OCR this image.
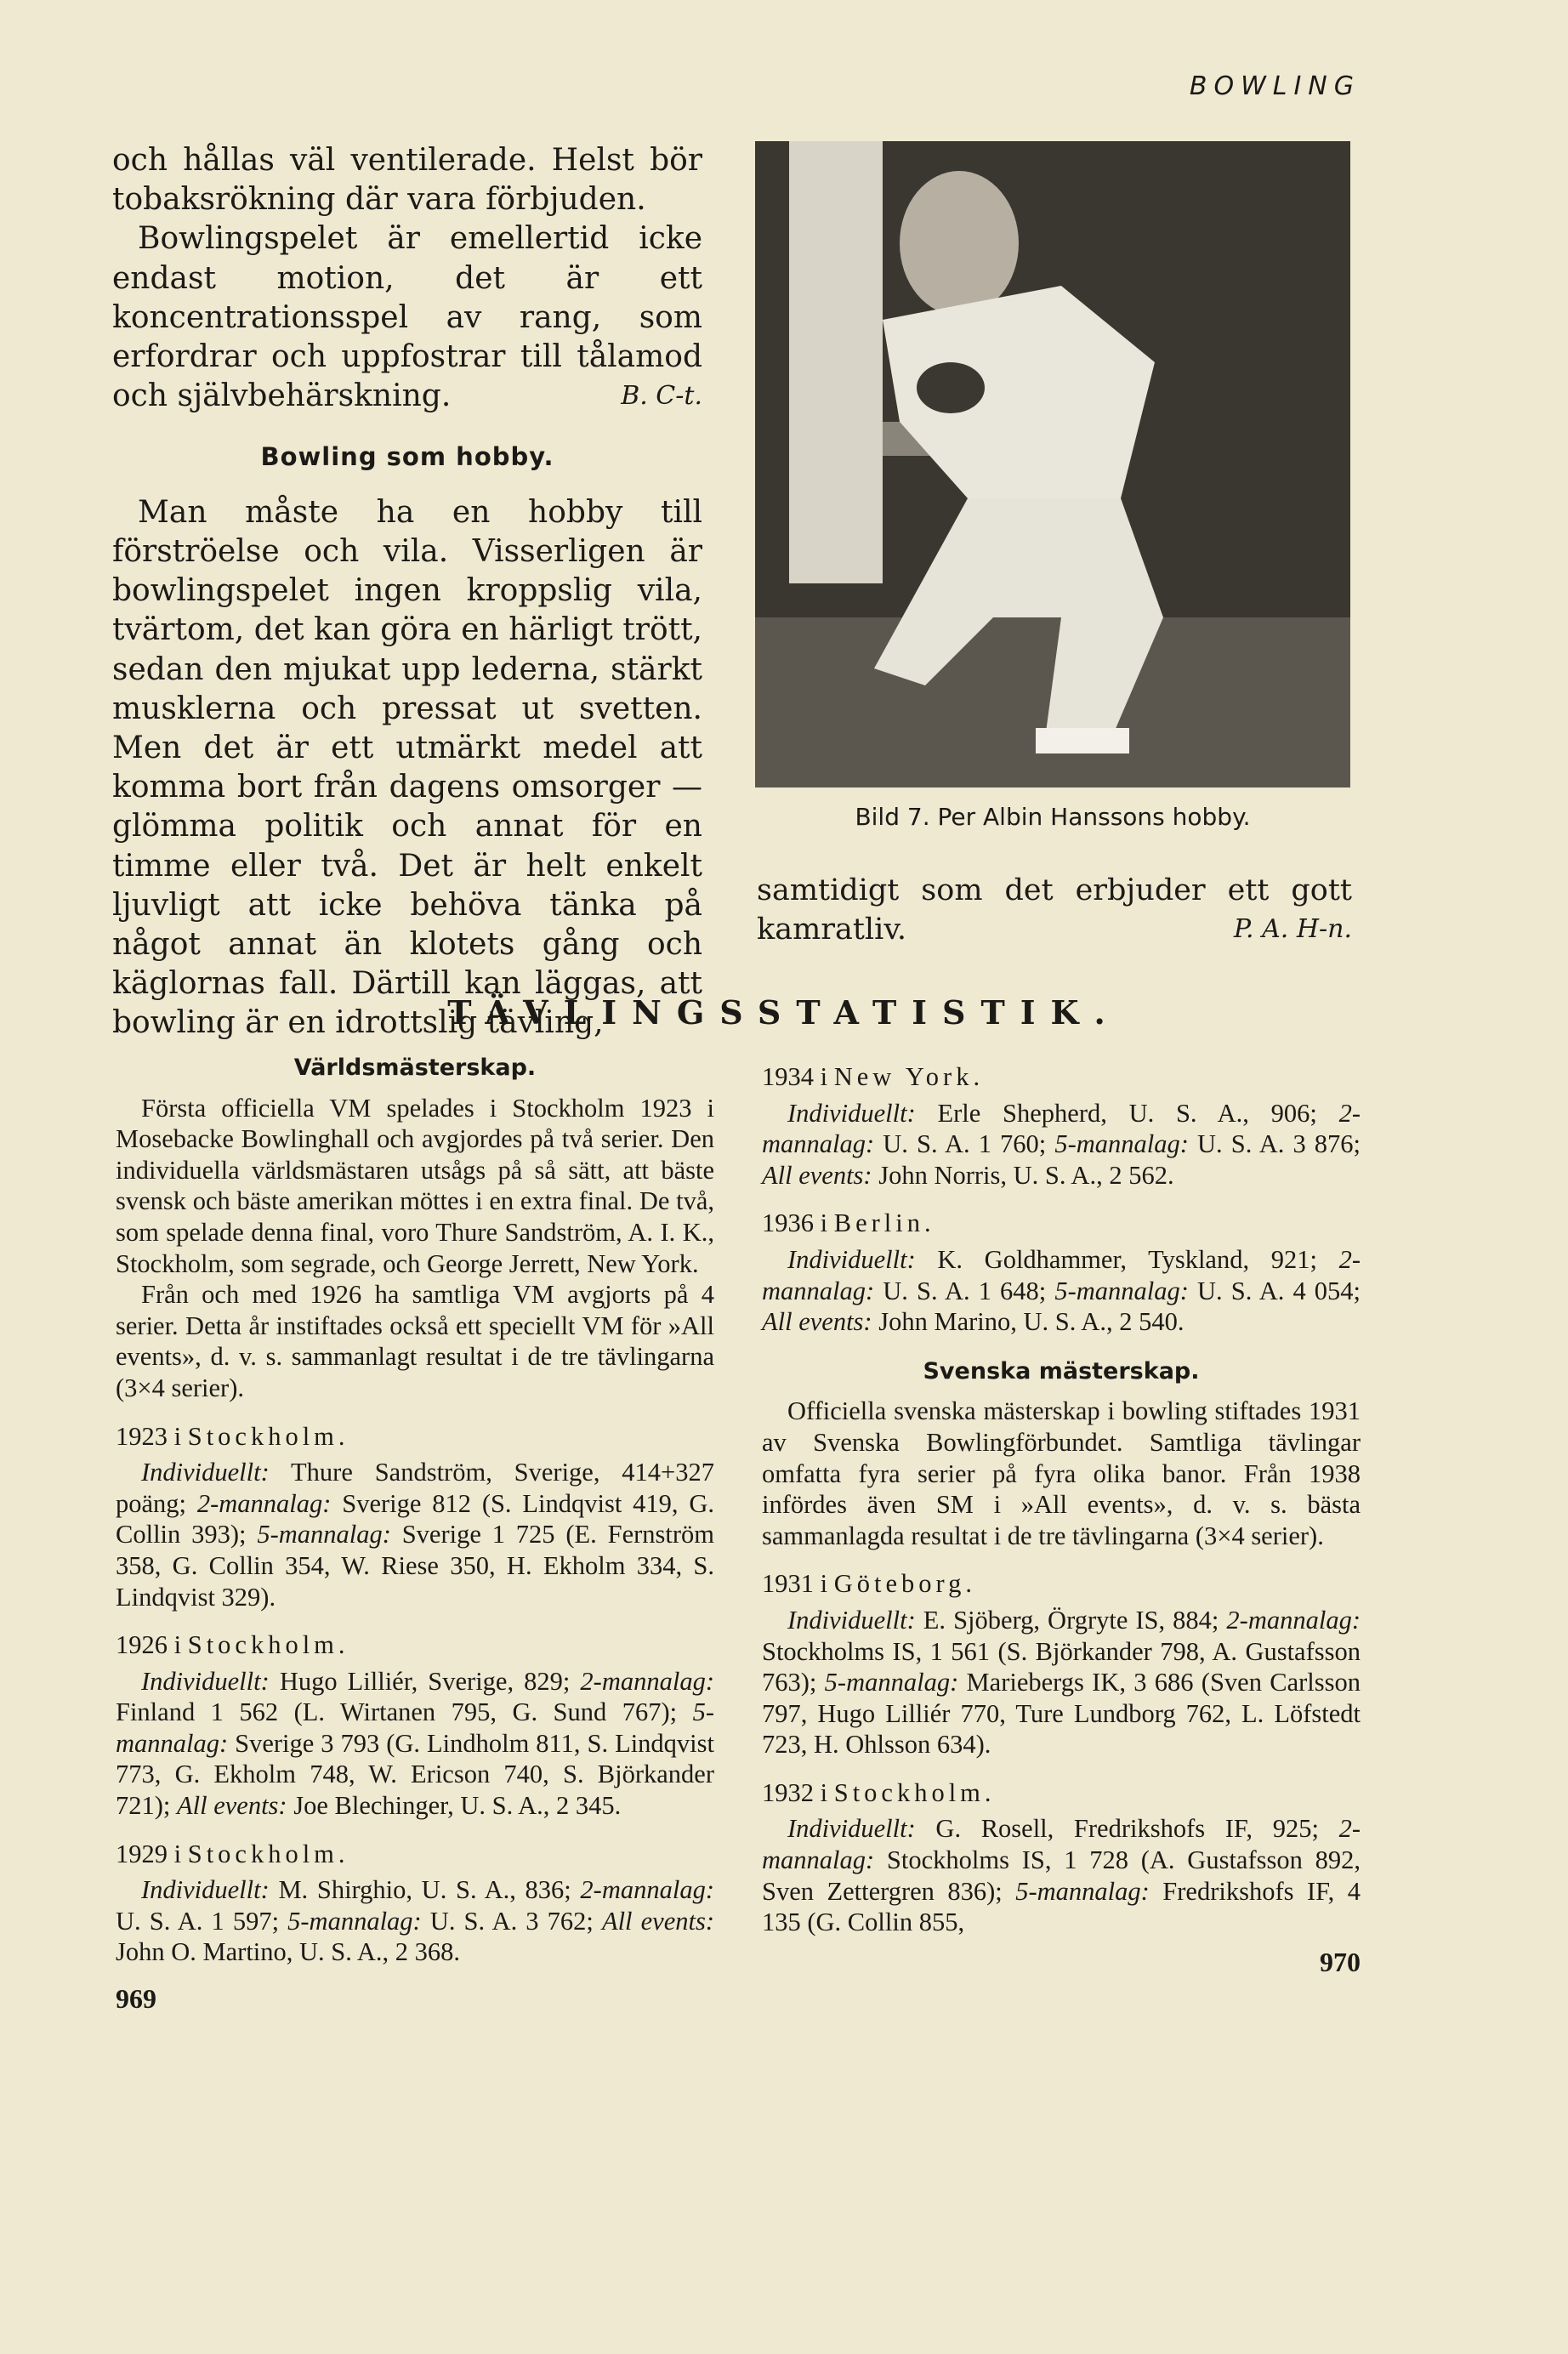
BOWLING

och hållas väl ventilerade. Helst bör tobaksrökning där vara förbjuden.

Bowlingspelet är emellertid icke endast motion, det är ett koncentrationsspel av rang, som erfordrar och uppfostrar till tålamod och självbehärskning.	B. C-t.

Bowling som hobby.

Man måste ha en hobby till förströelse och vila. Visserligen är bowlingspelet ingen kroppslig vila, tvärtom, det kan göra en härligt trött, sedan den mjukat upp lederna, stärkt musklerna och pressat ut svetten. Men det är ett utmärkt medel att komma bort från dagens omsorger — glömma politik och annat för en timme eller två. Det är helt enkelt ljuvligt att icke behöva tänka på något annat än klotets gång och käglornas fall. Därtill kan läggas, att bowling är en idrottslig tävling,

Bild 7. Per Albin Hanssons hobby.

samtidigt som det erbjuder ett gott kamratliv.	P. A. H-n.

TÄVLINGSSTATISTIK.
Världsmästerskap.

Första officiella VM spelades i Stockholm 1923 i Mosebacke Bowlinghall och avgjordes på två serier. Den individuella världsmästaren utsågs på så sätt, att bäste svensk och bäste amerikan möttes i en extra final. De två, som spelade denna final, voro Thure Sandström, A. I. K., Stockholm, som segrade, och George Jerrett, New York.

Från och med 1926 ha samtliga VM avgjorts på 4 serier. Detta år instiftades också ett speciellt VM för »All events», d. v. s. sammanlagt resultat i de tre tävlingarna (3×4 serier).

1923 i Stockholm.

Individuellt: Thure Sandström, Sverige, 414+327 poäng; 2-mannalag: Sverige 812 (S. Lindqvist 419, G. Collin 393); 5-mannalag: Sverige 1 725 (E. Fernström 358, G. Collin 354, W. Riese 350, H. Ekholm 334, S. Lindqvist 329).

1926 i Stockholm.

Individuellt: Hugo Lilliér, Sverige, 829; 2-mannalag: Finland 1 562 (L. Wirtanen 795, G. Sund 767); 5-mannalag: Sverige 3 793 (G. Lindholm 811, S. Lindqvist 773, G. Ekholm 748, W. Ericson 740, S. Björkander 721); All events: Joe Blechinger, U. S. A., 2 345.

1929 i Stockholm.

Individuellt: M. Shirghio, U. S. A., 836; 2-mannalag: U. S. A. 1 597; 5-mannalag: U. S. A. 3 762; All events: John O. Martino, U. S. A., 2 368.

969

1934 i New York.

Individuellt: Erle Shepherd, U. S. A., 906; 2-mannalag: U. S. A. 1 760; 5-mannalag: U. S. A. 3 876; All events: John Norris, U. S. A., 2 562.

1936 i Berlin.

Individuellt: K. Goldhammer, Tyskland, 921; 2-mannalag: U. S. A. 1 648; 5-mannalag: U. S. A. 4 054; All events: John Marino, U. S. A., 2 540.

Svenska mästerskap.

Officiella svenska mästerskap i bowling stiftades 1931 av Svenska Bowlingförbundet. Samtliga tävlingar omfatta fyra serier på fyra olika banor. Från 1938 infördes även SM i »All events», d. v. s. bästa sammanlagda resultat i de tre tävlingarna (3×4 serier).

1931 i Göteborg.

Individuellt: E. Sjöberg, Örgryte IS, 884; 2-mannalag: Stockholms IS, 1 561 (S. Björkander 798, A. Gustafsson 763); 5-mannalag: Mariebergs IK, 3 686 (Sven Carlsson 797, Hugo Lilliér 770, Ture Lundborg 762, L. Löfstedt 723, H. Ohlsson 634).

1932 i Stockholm.

Individuellt: G. Rosell, Fredrikshofs IF, 925; 2-mannalag: Stockholms IS, 1 728 (A. Gustafsson 892, Sven Zettergren 836); 5-mannalag: Fredrikshofs IF, 4 135 (G. Collin 855,

970
